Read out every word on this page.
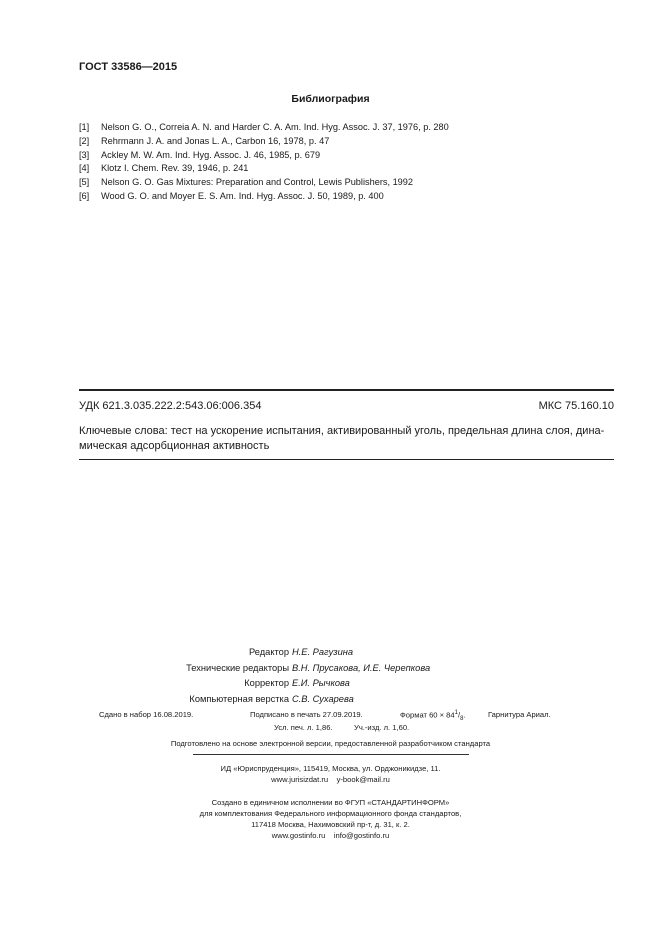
ГОСТ 33586—2015
Библиография
[1] Nelson G. O., Correia A. N. and Harder C. A. Am. Ind. Hyg. Assoc. J. 37, 1976, p. 280
[2] Rehrmann J. A. and Jonas L. A., Carbon 16, 1978, p. 47
[3] Ackley M. W. Am. Ind. Hyg. Assoc. J. 46, 1985, p. 679
[4] Klotz I. Chem. Rev. 39, 1946, p. 241
[5] Nelson G. O. Gas Mixtures: Preparation and Control, Lewis Publishers, 1992
[6] Wood G. O. and Moyer E. S. Am. Ind. Hyg. Assoc. J. 50, 1989, p. 400
УДК 621.3.035.222.2:543.06:006.354	МКС 75.160.10
Ключевые слова: тест на ускорение испытания, активированный уголь, предельная длина слоя, дина-
мическая адсорбционная активность
Редактор Н.Е. Рагузина
Технические редакторы В.Н. Прусакова, И.Е. Черепкова
Корректор Е.И. Рычкова
Компьютерная верстка С.В. Сухарева
Сдано в набор 16.08.2019.	Подписано в печать 27.09.2019.	Формат $60 \times 84^1/_8$.	Гарнитура Ариал.
Усл. печ. л. 1,86.	Уч.-изд. л. 1,60.
Подготовлено на основе электронной версии, предоставленной разработчиком стандарта
ИД «Юриспруденция», 115419, Москва, ул. Орджоникидзе, 11.
www.jurisizdat.ru y-book@mail.ru
Создано в единичном исполнении во ФГУП «СТАНДАРТИНФОРМ»
для комплектования Федерального информационного фонда стандартов,
117418 Москва, Нахимовский пр-т, д. 31, к. 2.
www.gostinfo.ru info@gostinfo.ru
